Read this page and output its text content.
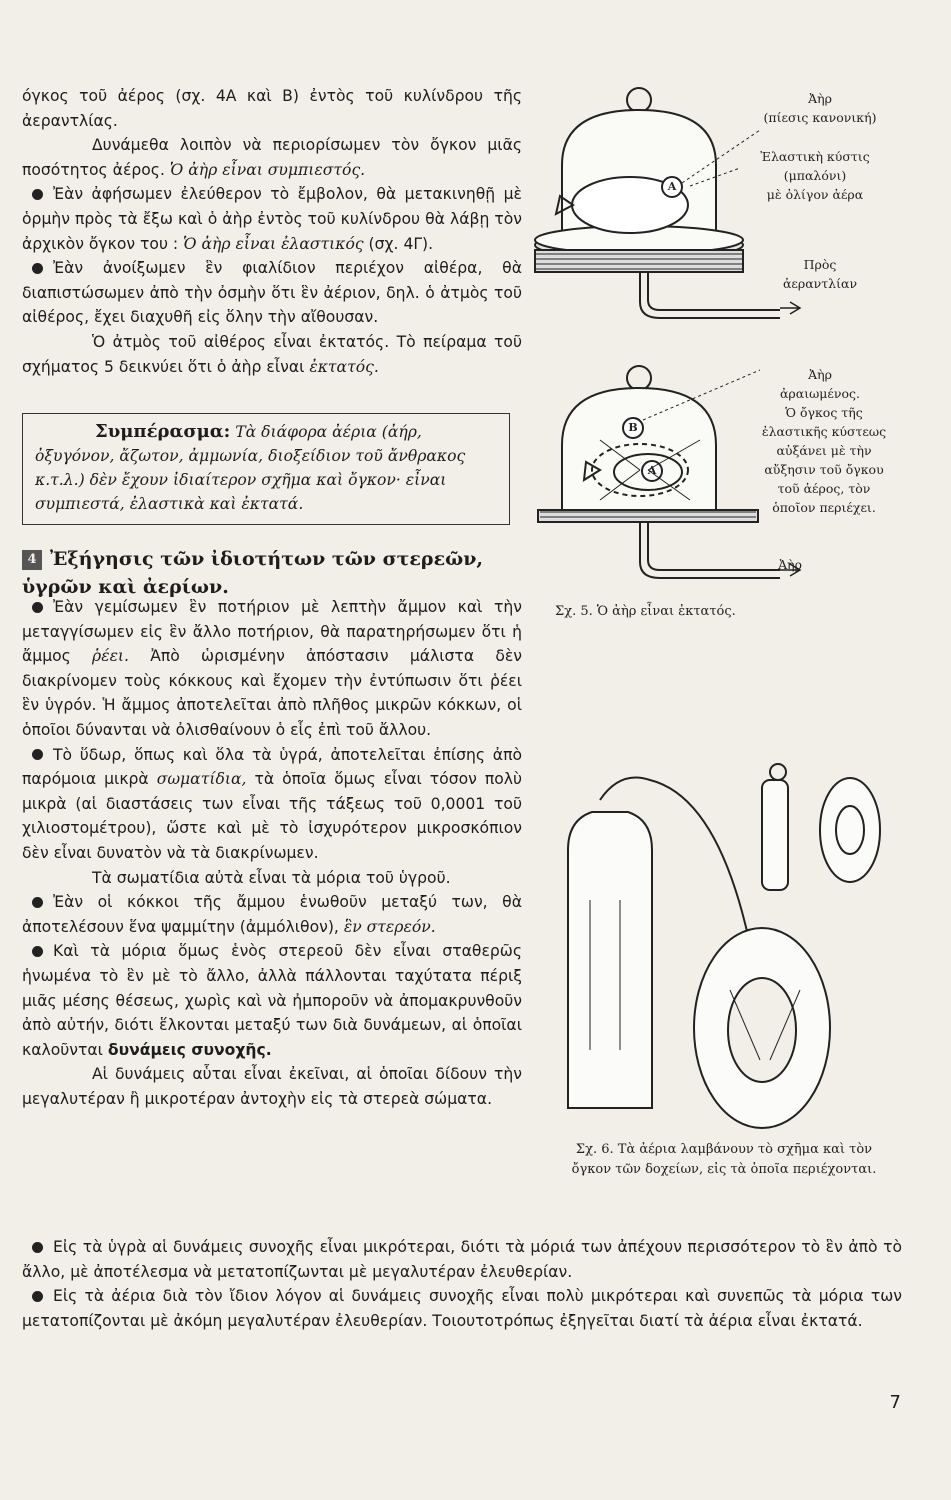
όγκος τοῦ ἀέρος (σχ. 4Α καὶ Β) ἐντὸς τοῦ κυλίνδρου τῆς ἀεραντλίας.

Δυνάμεθα λοιπὸν νὰ περιορίσωμεν τὸν ὄγκον μιᾶς ποσότητος ἀέρος. Ὁ ἀὴρ εἶναι συμπιεστός.

Ἐὰν ἀφήσωμεν ἐλεύθερον τὸ ἔμβολον, θὰ μετακινηθῇ μὲ ὁρμὴν πρὸς τὰ ἔξω καὶ ὁ ἀὴρ ἐντὸς τοῦ κυλίνδρου θὰ λάβῃ τὸν ἀρχικὸν ὄγκον του : Ὁ ἀὴρ εἶναι ἐλαστικός (σχ. 4Γ).

Ἐὰν ἀνοίξωμεν ἓν φιαλίδιον περιέχον αἰθέρα, θὰ διαπιστώσωμεν ἀπὸ τὴν ὀσμὴν ὅτι ἓν ἀέριον, δηλ. ὁ ἀτμὸς τοῦ αἰθέρος, ἔχει διαχυθῆ εἰς ὅλην τὴν αἴθουσαν.

Ὁ ἀτμὸς τοῦ αἰθέρος εἶναι ἐκτατός. Τὸ πείραμα τοῦ σχήματος 5 δεικνύει ὅτι ὁ ἀὴρ εἶναι ἐκτατός.

Συμπέρασμα: Τὰ διάφορα ἀέρια (ἀήρ, ὀξυγόνον, ἄζωτον, ἀμμωνία, διοξείδιον τοῦ ἄνθρακος κ.τ.λ.) δὲν ἔχουν ἰδιαίτερον σχῆμα καὶ ὄγκον· εἶναι συμπιεστά, ἐλαστικὰ καὶ ἐκτατά.
4 Ἐξήγησις τῶν ἰδιοτήτων τῶν στερεῶν, ὑγρῶν καὶ ἀερίων.

Ἐὰν γεμίσωμεν ἓν ποτήριον μὲ λεπτὴν ἄμμον καὶ τὴν μεταγγίσωμεν εἰς ἓν ἄλλο ποτήριον, θὰ παρατηρήσωμεν ὅτι ἡ ἄμμος ῥέει. Ἀπὸ ὡρισμένην ἀπόστασιν μάλιστα δὲν διακρίνομεν τοὺς κόκκους καὶ ἔχομεν τὴν ἐντύπωσιν ὅτι ῥέει ἓν ὑγρόν. Ἡ ἄμμος ἀποτελεῖται ἀπὸ πλῆθος μικρῶν κόκκων, οἱ ὁποῖοι δύνανται νὰ ὀλισθαίνουν ὁ εἷς ἐπὶ τοῦ ἄλλου.

Τὸ ὕδωρ, ὅπως καὶ ὅλα τὰ ὑγρά, ἀποτελεῖται ἐπίσης ἀπὸ παρόμοια μικρὰ σωματίδια, τὰ ὁποῖα ὅμως εἶναι τόσον πολὺ μικρὰ (αἱ διαστάσεις των εἶναι τῆς τάξεως τοῦ 0,0001 τοῦ χιλιοστομέτρου), ὥστε καὶ μὲ τὸ ἰσχυρότερον μικροσκόπιον δὲν εἶναι δυνατὸν νὰ τὰ διακρίνωμεν.

Τὰ σωματίδια αὐτὰ εἶναι τὰ μόρια τοῦ ὑγροῦ.

Ἐὰν οἱ κόκκοι τῆς ἄμμου ἑνωθοῦν μεταξύ των, θὰ ἀποτελέσουν ἕνα ψαμμίτην (ἀμμόλιθον), ἓν στερεόν.

Καὶ τὰ μόρια ὅμως ἑνὸς στερεοῦ δὲν εἶναι σταθερῶς ἡνωμένα τὸ ἓν μὲ τὸ ἄλλο, ἀλλὰ πάλλονται ταχύτατα πέριξ μιᾶς μέσης θέσεως, χωρὶς καὶ νὰ ἠμποροῦν νὰ ἀπομακρυνθοῦν ἀπὸ αὐτήν, διότι ἕλκονται μεταξύ των διὰ δυνάμεων, αἱ ὁποῖαι καλοῦνται δυνάμεις συνοχῆς.

Αἱ δυνάμεις αὗται εἶναι ἐκεῖναι, αἱ ὁποῖαι δίδουν τὴν μεγαλυτέραν ἢ μικροτέραν ἀντοχὴν εἰς τὰ στερεὰ σώματα.

Εἰς τὰ ὑγρὰ αἱ δυνάμεις συνοχῆς εἶναι μικρότεραι, διότι τὰ μόριά των ἀπέχουν περισσότερον τὸ ἓν ἀπὸ τὸ ἄλλο, μὲ ἀποτέλεσμα νὰ μετατοπίζωνται μὲ μεγαλυτέραν ἐλευθερίαν.

Εἰς τὰ ἀέρια διὰ τὸν ἴδιον λόγον αἱ δυνάμεις συνοχῆς εἶναι πολὺ μικρότεραι καὶ συνεπῶς τὰ μόρια των μετατοπίζονται μὲ ἀκόμη μεγαλυτέραν ἐλευθερίαν. Τοιουτοτρόπως ἐξηγεῖται διατί τὰ ἀέρια εἶναι ἐκτατά.

Ἀὴρ
(πίεσις κανονική)
Ἐλαστικὴ κύστις
(μπαλόνι)
μὲ ὀλίγον ἀέρα
Πρὸς
ἀεραντλίαν
Ἀὴρ
ἀραιωμένος.
Ὁ ὄγκος τῆς ἐλαστικῆς κύστεως αὐξάνει μὲ τὴν αὔξησιν τοῦ ὄγκου τοῦ ἀέρος, τὸν ὁποῖον περιέχει.
Ἀὴρ
Α
Β
Α
Σχ. 5. Ὁ ἀὴρ εἶναι ἐκτατός.
Σχ. 6. Τὰ ἀέρια λαμβάνουν τὸ σχῆμα καὶ τὸν ὄγκον τῶν δοχείων, εἰς τὰ ὁποῖα περιέχονται.
7
